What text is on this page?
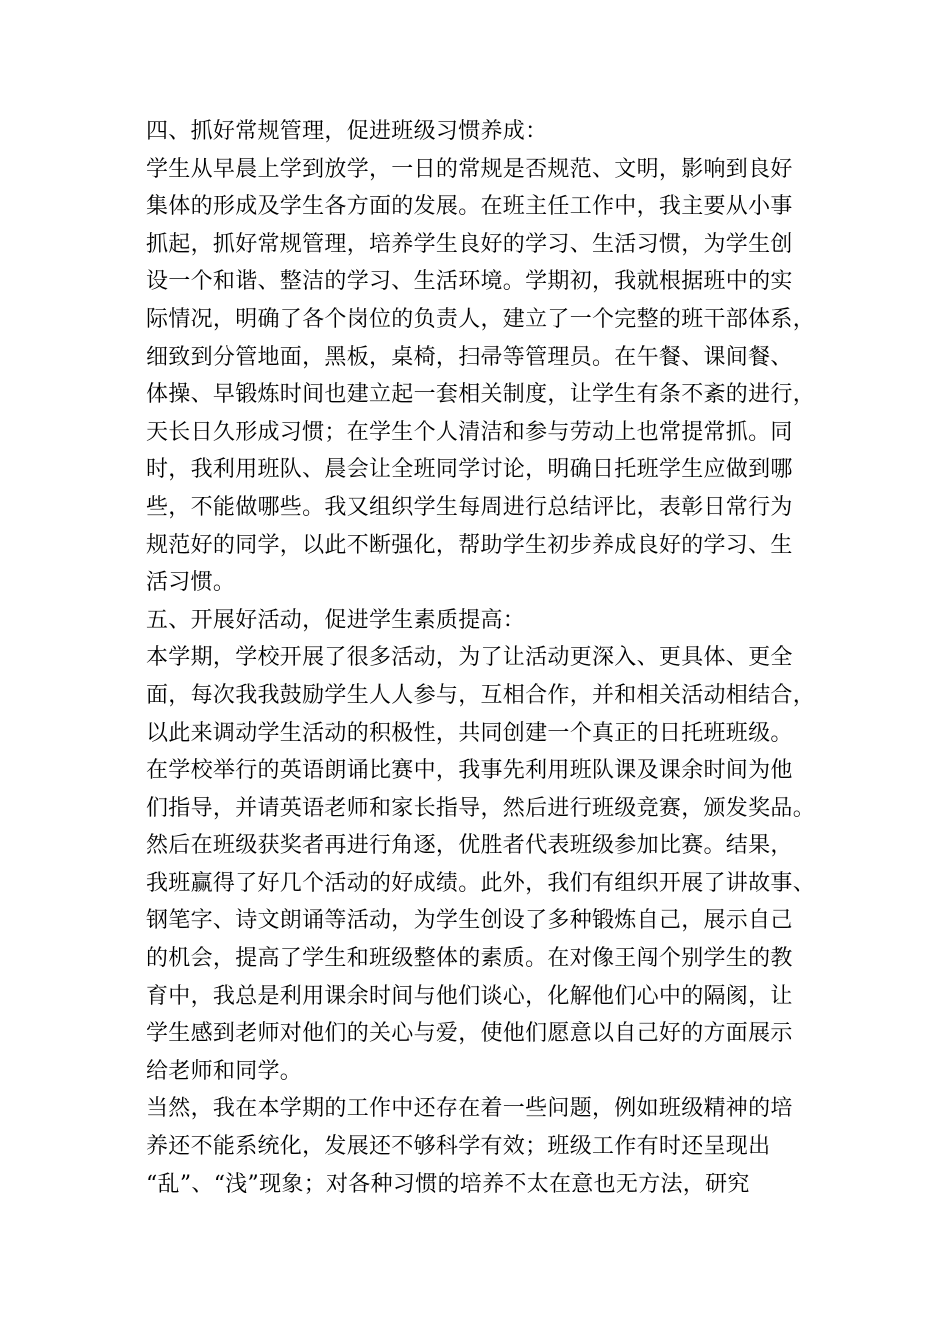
四、抓好常规管理，促进班级习惯养成：
学生从早晨上学到放学，一日的常规是否规范、文明，影响到良好
集体的形成及学生各方面的发展。在班主任工作中，我主要从小事
抓起，抓好常规管理，培养学生良好的学习、生活习惯，为学生创
设一个和谐、整洁的学习、生活环境。学期初，我就根据班中的实
际情况，明确了各个岗位的负责人，建立了一个完整的班干部体系，
细致到分管地面，黑板，桌椅，扫帚等管理员。在午餐、课间餐、
体操、早锻炼时间也建立起一套相关制度，让学生有条不紊的进行，
天长日久形成习惯；在学生个人清洁和参与劳动上也常提常抓。同
时，我利用班队、晨会让全班同学讨论，明确日托班学生应做到哪
些，不能做哪些。我又组织学生每周进行总结评比，表彰日常行为
规范好的同学，以此不断强化，帮助学生初步养成良好的学习、生
活习惯。
五、开展好活动，促进学生素质提高：
本学期，学校开展了很多活动，为了让活动更深入、更具体、更全
面，每次我我鼓励学生人人参与，互相合作，并和相关活动相结合，
以此来调动学生活动的积极性，共同创建一个真正的日托班班级。
在学校举行的英语朗诵比赛中，我事先利用班队课及课余时间为他
们指导，并请英语老师和家长指导，然后进行班级竞赛，颁发奖品。
然后在班级获奖者再进行角逐，优胜者代表班级参加比赛。结果，
我班赢得了好几个活动的好成绩。此外，我们有组织开展了讲故事、
钢笔字、诗文朗诵等活动，为学生创设了多种锻炼自己，展示自己
的机会，提高了学生和班级整体的素质。在对像王闯个别学生的教
育中，我总是利用课余时间与他们谈心，化解他们心中的隔阂，让
学生感到老师对他们的关心与爱，使他们愿意以自己好的方面展示
给老师和同学。
当然，我在本学期的工作中还存在着一些问题，例如班级精神的培
养还不能系统化，发展还不够科学有效；班级工作有时还呈现出
“乱”、“浅”现象；对各种习惯的培养不太在意也无方法，研究
